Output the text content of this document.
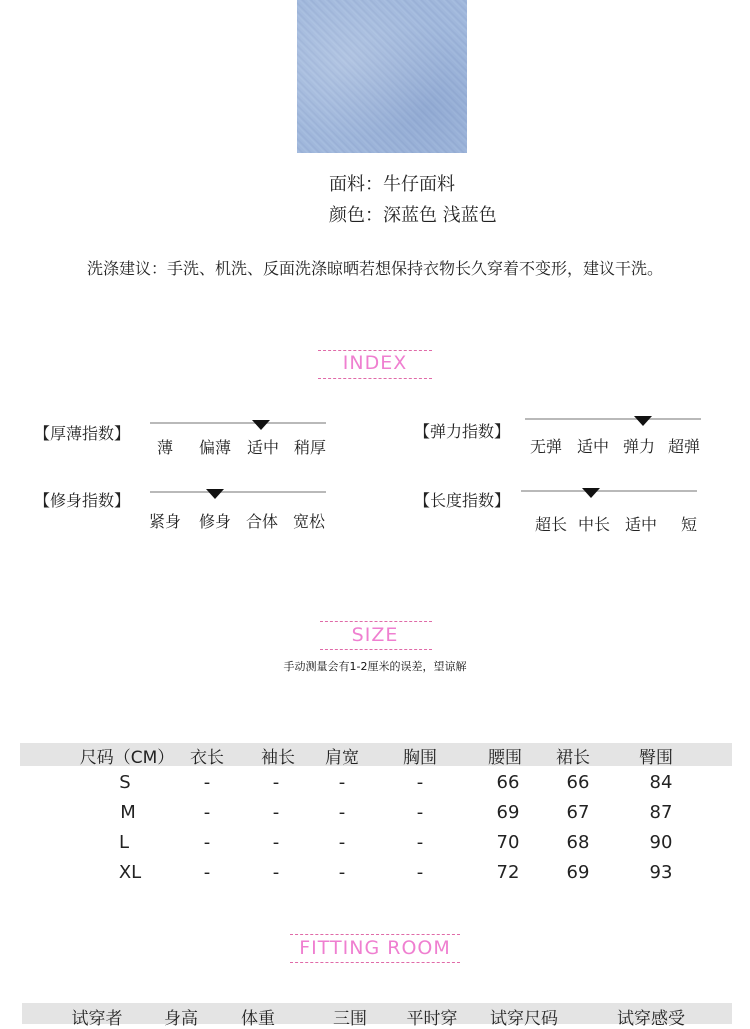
面料：牛仔面料
颜色：深蓝色 浅蓝色
洗涤建议：手洗、机洗、反面洗涤晾晒若想保持衣物长久穿着不变形，建议干洗。
INDEX
【厚薄指数】
薄 偏薄 适中 稍厚
【弹力指数】
无弹 适中 弹力 超弹
【修身指数】
紧身 修身 合体 宽松
【长度指数】
超长 中长 适中 短
SIZE
手动测量会有1-2厘米的误差，望谅解
尺码（CM） 衣长 袖长 肩宽	胸围	腰围 裙长	臀围
S	-	-	-	-	66	66	84
M	-	-	-	-	69	67	87
L	-	-	-	-	70	68	90
XL	-	-	-	-	72	69	93
FITTING ROOM
试穿者 身高	体重	三围 平时穿 试穿尺码	试穿感受
